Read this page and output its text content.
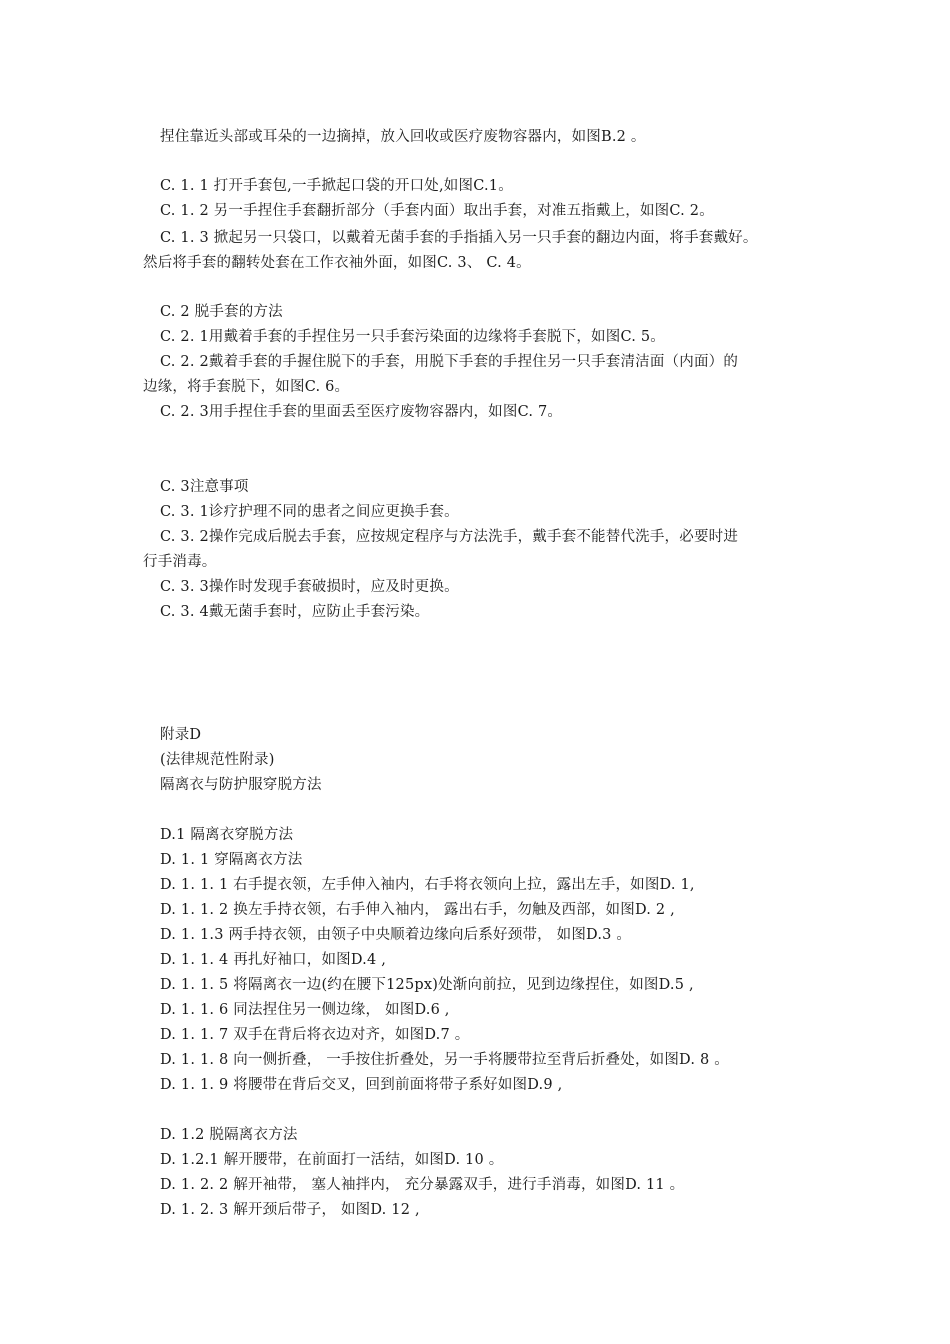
捏住靠近头部或耳朵的一边摘掉，放入回收或医疗废物容器内，如图B.2 。
C. 1. 1 打开手套包,一手掀起口袋的开口处,如图C.1。
C. 1. 2 另一手捏住手套翻折部分（手套内面）取出手套，对准五指戴上，如图C. 2。
C. 1. 3 掀起另一只袋口，以戴着无菌手套的手指插入另一只手套的翻边内面，将手套戴好。
然后将手套的翻转处套在工作衣袖外面，如图C. 3、 C. 4。
C. 2 脱手套的方法
C. 2. 1用戴着手套的手捏住另一只手套污染面的边缘将手套脱下，如图C. 5。
C. 2. 2戴着手套的手握住脱下的手套，用脱下手套的手捏住另一只手套清洁面（内面）的
边缘，将手套脱下，如图C. 6。
C. 2. 3用手捏住手套的里面丢至医疗废物容器内，如图C. 7。
C. 3注意事项
C. 3. 1诊疗护理不同的患者之间应更换手套。
C. 3. 2操作完成后脱去手套，应按规定程序与方法洗手，戴手套不能替代洗手，必要时进
行手消毒。
C. 3. 3操作时发现手套破损时，应及时更换。
C. 3. 4戴无菌手套时，应防止手套污染。
附录D
(法律规范性附录)
隔离衣与防护服穿脱方法
D.1 隔离衣穿脱方法
D. 1. 1 穿隔离衣方法
D. 1. 1. 1 右手提衣领，左手伸入袖内，右手将衣领向上拉，露出左手，如图D. 1,
D. 1. 1. 2 换左手持衣领，右手伸入袖内， 露出右手，勿触及西部，如图D. 2 ,
D. 1. 1.3 两手持衣领，由领子中央顺着边缘向后系好颈带， 如图D.3 。
D. 1. 1. 4 再扎好袖口，如图D.4 ,
D. 1. 1. 5 将隔离衣一边(约在腰下125px)处渐向前拉，见到边缘捏住，如图D.5 ,
D. 1. 1. 6 同法捏住另一侧边缘， 如图D.6 ,
D. 1. 1. 7 双手在背后将衣边对齐，如图D.7 。
D. 1. 1. 8 向一侧折叠， 一手按住折叠处，另一手将腰带拉至背后折叠处，如图D. 8 。
D. 1. 1. 9 将腰带在背后交叉，回到前面将带子系好如图D.9 ,
D. 1.2 脱隔离衣方法
D. 1.2.1 解开腰带，在前面打一活结，如图D. 10 。
D. 1. 2. 2 解开袖带， 塞人袖拌内， 充分暴露双手，进行手消毒，如图D. 11 。
D. 1. 2. 3 解开颈后带子， 如图D. 12 ,
